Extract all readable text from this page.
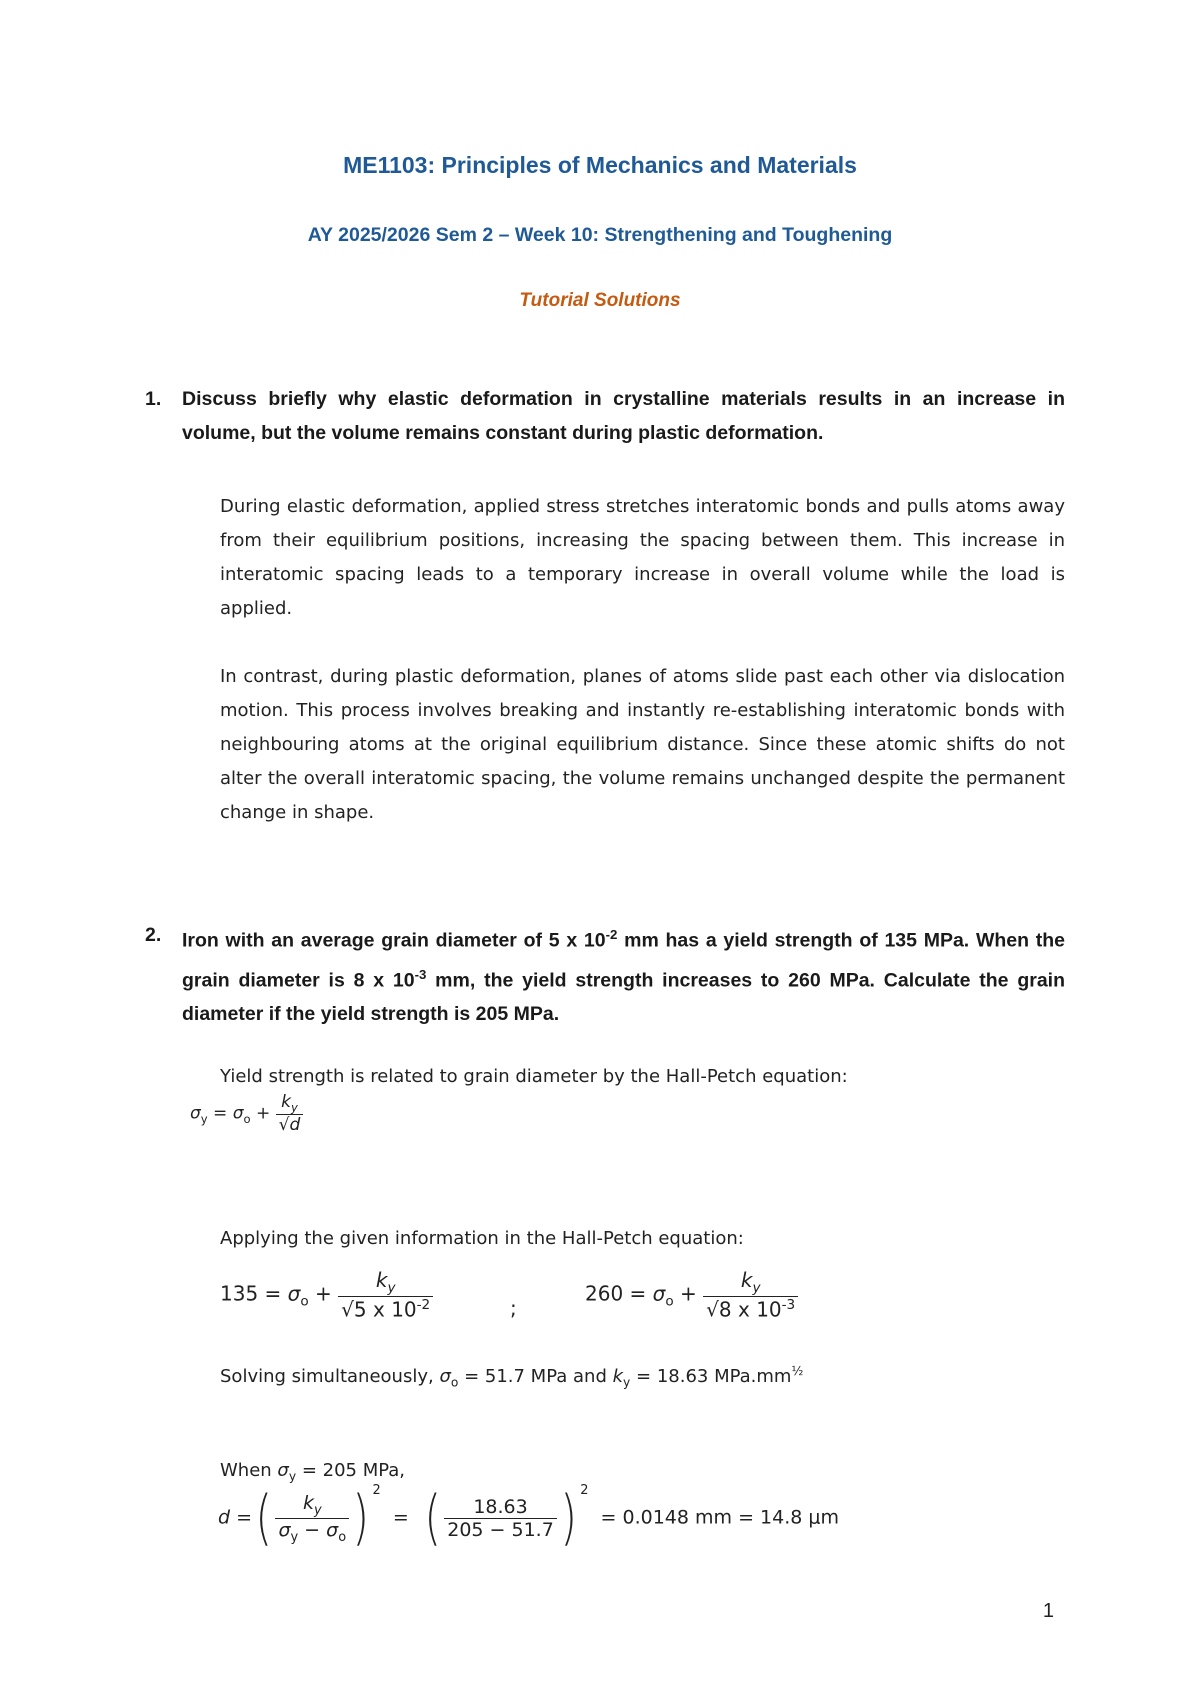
ME1103: Principles of Mechanics and Materials
AY 2025/2026 Sem 2 – Week 10: Strengthening and Toughening
Tutorial Solutions
1. Discuss briefly why elastic deformation in crystalline materials results in an increase in volume, but the volume remains constant during plastic deformation.

During elastic deformation, applied stress stretches interatomic bonds and pulls atoms away from their equilibrium positions, increasing the spacing between them. This increase in interatomic spacing leads to a temporary increase in overall volume while the load is applied.

In contrast, during plastic deformation, planes of atoms slide past each other via dislocation motion. This process involves breaking and instantly re-establishing interatomic bonds with neighbouring atoms at the original equilibrium distance. Since these atomic shifts do not alter the overall interatomic spacing, the volume remains unchanged despite the permanent change in shape.

2. Iron with an average grain diameter of 5 x $10^{-2}$ mm has a yield strength of 135 MPa. When the grain diameter is 8 x $10^{-3}$ mm, the yield strength increases to 260 MPa. Calculate the grain diameter if the yield strength is 205 MPa.
Yield strength is related to grain diameter by the Hall-Petch equation:
$\sigma_y = \sigma_o + \frac{k_y}{√d}$
Applying the given information in the Hall-Petch equation:
$135 = \sigma_o + \frac{k_y}{√5 x 10^{-2}}$	;
$260 = \sigma_o + \frac{k_y}{√8 x 10^{-3}}$
Solving simultaneously, $\sigma_o = 51.7$ MPa and $k_y = 18.63$ $MPa.mm^{\frac{1}{2}}$
When $\sigma_y = 205$ MPa,
d =( $\frac{k_y}{\sigma_y - \sigma_o}$ ) $^2$  =  ( $\frac{18.63}{205 - 51.7}$ ) $^2$  = 0.0148 mm = 14.8 μm
1
